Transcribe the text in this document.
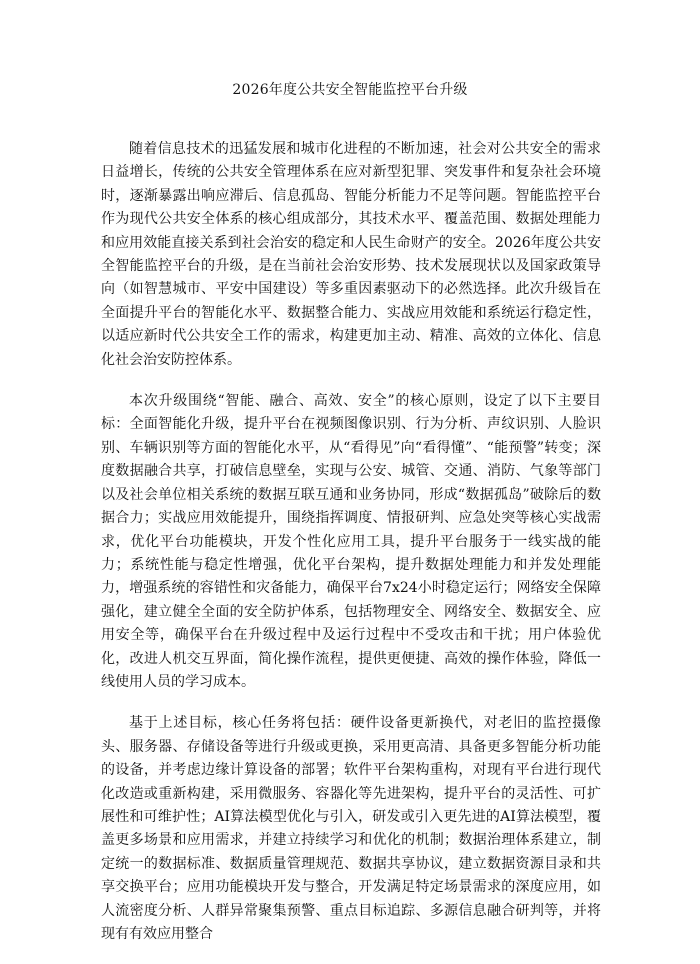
2026年度公共安全智能监控平台升级

随着信息技术的迅猛发展和城市化进程的不断加速，社会对公共安全的需求日益增长，传统的公共安全管理体系在应对新型犯罪、突发事件和复杂社会环境时，逐渐暴露出响应滞后、信息孤岛、智能分析能力不足等问题。智能监控平台作为现代公共安全体系的核心组成部分，其技术水平、覆盖范围、数据处理能力和应用效能直接关系到社会治安的稳定和人民生命财产的安全。2026年度公共安全智能监控平台的升级，是在当前社会治安形势、技术发展现状以及国家政策导向（如智慧城市、平安中国建设）等多重因素驱动下的必然选择。此次升级旨在全面提升平台的智能化水平、数据整合能力、实战应用效能和系统运行稳定性，以适应新时代公共安全工作的需求，构建更加主动、精准、高效的立体化、信息化社会治安防控体系。

本次升级围绕“智能、融合、高效、安全”的核心原则，设定了以下主要目标：全面智能化升级，提升平台在视频图像识别、行为分析、声纹识别、人脸识别、车辆识别等方面的智能化水平，从“看得见”向“看得懂”、“能预警”转变；深度数据融合共享，打破信息壁垒，实现与公安、城管、交通、消防、气象等部门以及社会单位相关系统的数据互联互通和业务协同，形成“数据孤岛”破除后的数据合力；实战应用效能提升，围绕指挥调度、情报研判、应急处突等核心实战需求，优化平台功能模块，开发个性化应用工具，提升平台服务于一线实战的能力；系统性能与稳定性增强，优化平台架构，提升数据处理能力和并发处理能力，增强系统的容错性和灾备能力，确保平台7x24小时稳定运行；网络安全保障强化，建立健全全面的安全防护体系，包括物理安全、网络安全、数据安全、应用安全等，确保平台在升级过程中及运行过程中不受攻击和干扰；用户体验优化，改进人机交互界面，简化操作流程，提供更便捷、高效的操作体验，降低一线使用人员的学习成本。

基于上述目标，核心任务将包括：硬件设备更新换代，对老旧的监控摄像头、服务器、存储设备等进行升级或更换，采用更高清、具备更多智能分析功能的设备，并考虑边缘计算设备的部署；软件平台架构重构，对现有平台进行现代化改造或重新构建，采用微服务、容器化等先进架构，提升平台的灵活性、可扩展性和可维护性；AI算法模型优化与引入，研发或引入更先进的AI算法模型，覆盖更多场景和应用需求，并建立持续学习和优化的机制；数据治理体系建立，制定统一的数据标准、数据质量管理规范、数据共享协议，建立数据资源目录和共享交换平台；应用功能模块开发与整合，开发满足特定场景需求的深度应用，如人流密度分析、人群异常聚集预警、重点目标追踪、多源信息融合研判等，并将现有有效应用整合
